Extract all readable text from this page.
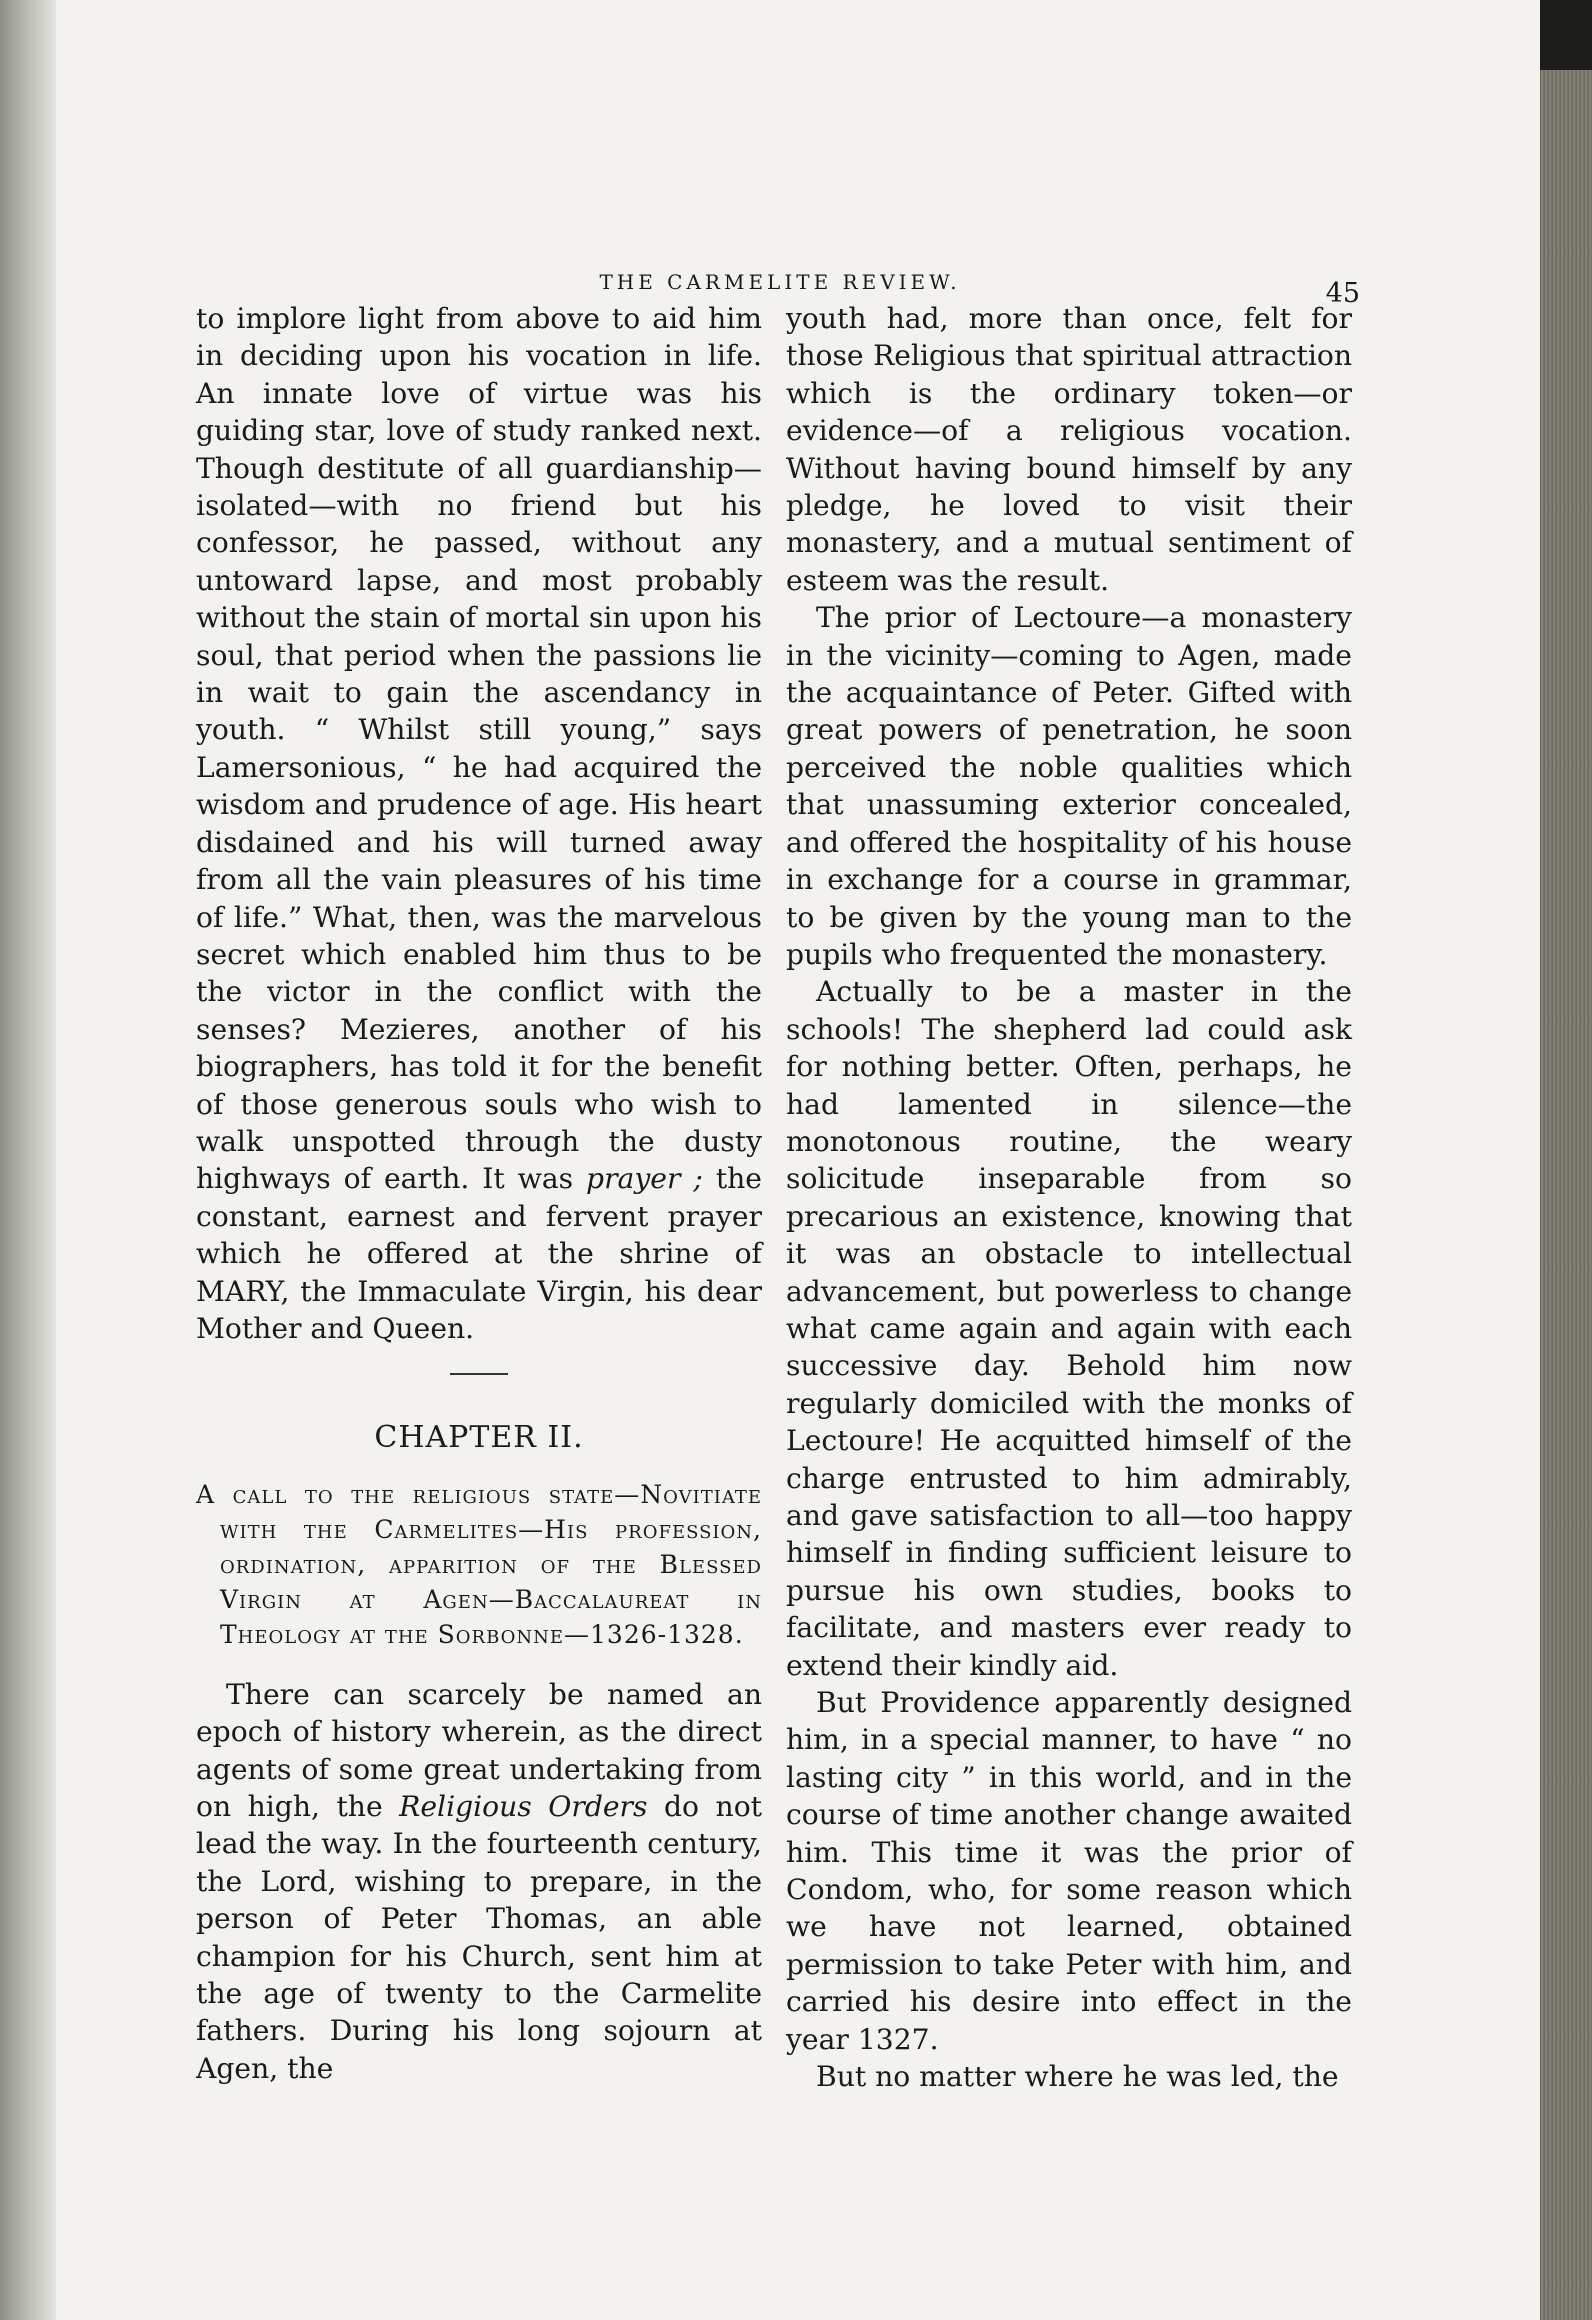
THE CARMELITE REVIEW.	45

to implore light from above to aid him in deciding upon his vocation in life. An innate love of virtue was his guiding star, love of study ranked next. Though destitute of all guardianship—isolated—with no friend but his confessor, he passed, without any untoward lapse, and most probably without the stain of mortal sin upon his soul, that period when the passions lie in wait to gain the ascendancy in youth. “ Whilst still young,” says Lamersonious, “ he had acquired the wisdom and prudence of age. His heart disdained and his will turned away from all the vain pleasures of his time of life.” What, then, was the marvelous secret which enabled him thus to be the victor in the conflict with the senses? Mezieres, another of his biographers, has told it for the benefit of those generous souls who wish to walk unspotted through the dusty highways of earth. It was prayer ; the constant, earnest and fervent prayer which he offered at the shrine of MARY, the Immaculate Virgin, his dear Mother and Queen.

CHAPTER II.
A call to the religious state—Novitiate with the Carmelites—His profession, ordination, apparition of the Blessed Virgin at Agen—Baccalaureat in Theology at the Sorbonne—1326-1328.

There can scarcely be named an epoch of history wherein, as the direct agents of some great undertaking from on high, the Religious Orders do not lead the way. In the fourteenth century, the Lord, wishing to prepare, in the person of Peter Thomas, an able champion for his Church, sent him at the age of twenty to the Carmelite fathers. During his long sojourn at Agen, the

youth had, more than once, felt for those Religious that spiritual attraction which is the ordinary token—or evidence—of a religious vocation. Without having bound himself by any pledge, he loved to visit their monastery, and a mutual sentiment of esteem was the result.

The prior of Lectoure—a monastery in the vicinity—coming to Agen, made the acquaintance of Peter. Gifted with great powers of penetration, he soon perceived the noble qualities which that unassuming exterior concealed, and offered the hospitality of his house in exchange for a course in grammar, to be given by the young man to the pupils who frequented the monastery.

Actually to be a master in the schools! The shepherd lad could ask for nothing better. Often, perhaps, he had lamented in silence—the monotonous routine, the weary solicitude inseparable from so precarious an existence, knowing that it was an obstacle to intellectual advancement, but powerless to change what came again and again with each successive day. Behold him now regularly domiciled with the monks of Lectoure! He acquitted himself of the charge entrusted to him admirably, and gave satisfaction to all—too happy himself in finding sufficient leisure to pursue his own studies, books to facilitate, and masters ever ready to extend their kindly aid.

But Providence apparently designed him, in a special manner, to have “ no lasting city ” in this world, and in the course of time another change awaited him. This time it was the prior of Condom, who, for some reason which we have not learned, obtained permission to take Peter with him, and carried his desire into effect in the year 1327.

But no matter where he was led, the
